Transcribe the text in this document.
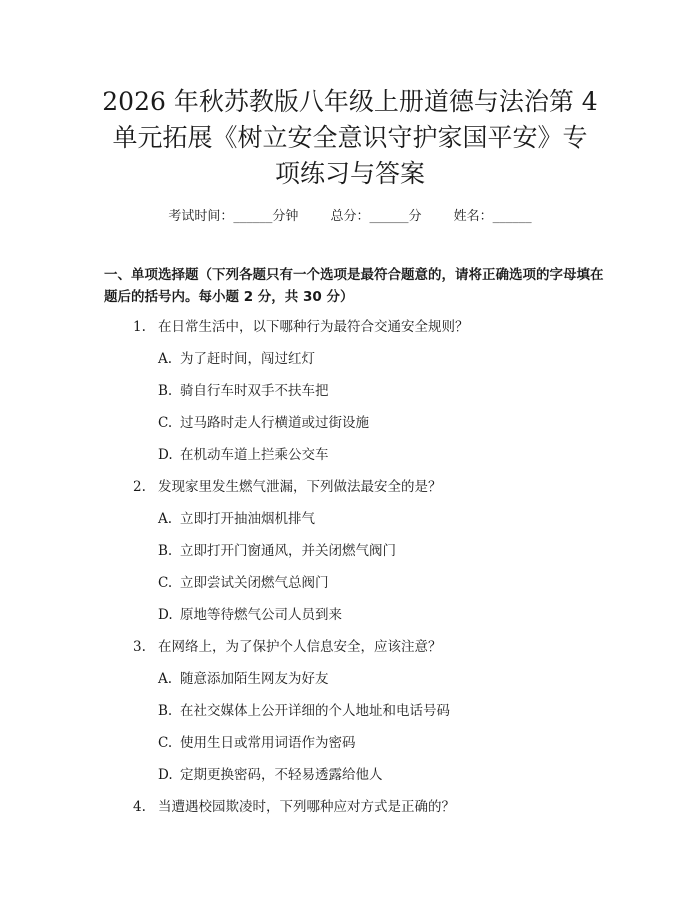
2026 年秋苏教版八年级上册道德与法治第 4
单元拓展《树立安全意识守护家国平安》专
项练习与答案
考试时间：______分钟 总分：______分 姓名：______
一、单项选择题（下列各题只有一个选项是最符合题意的，请将正确选项的字母填在题后的括号内。每小题 2 分，共 30 分）
1. 在日常生活中，以下哪种行为最符合交通安全规则？
A. 为了赶时间，闯过红灯
B. 骑自行车时双手不扶车把
C. 过马路时走人行横道或过街设施
D. 在机动车道上拦乘公交车
2. 发现家里发生燃气泄漏，下列做法最安全的是？
A. 立即打开抽油烟机排气
B. 立即打开门窗通风，并关闭燃气阀门
C. 立即尝试关闭燃气总阀门
D. 原地等待燃气公司人员到来
3. 在网络上，为了保护个人信息安全，应该注意？
A. 随意添加陌生网友为好友
B. 在社交媒体上公开详细的个人地址和电话号码
C. 使用生日或常用词语作为密码
D. 定期更换密码，不轻易透露给他人
4. 当遭遇校园欺凌时，下列哪种应对方式是正确的？
